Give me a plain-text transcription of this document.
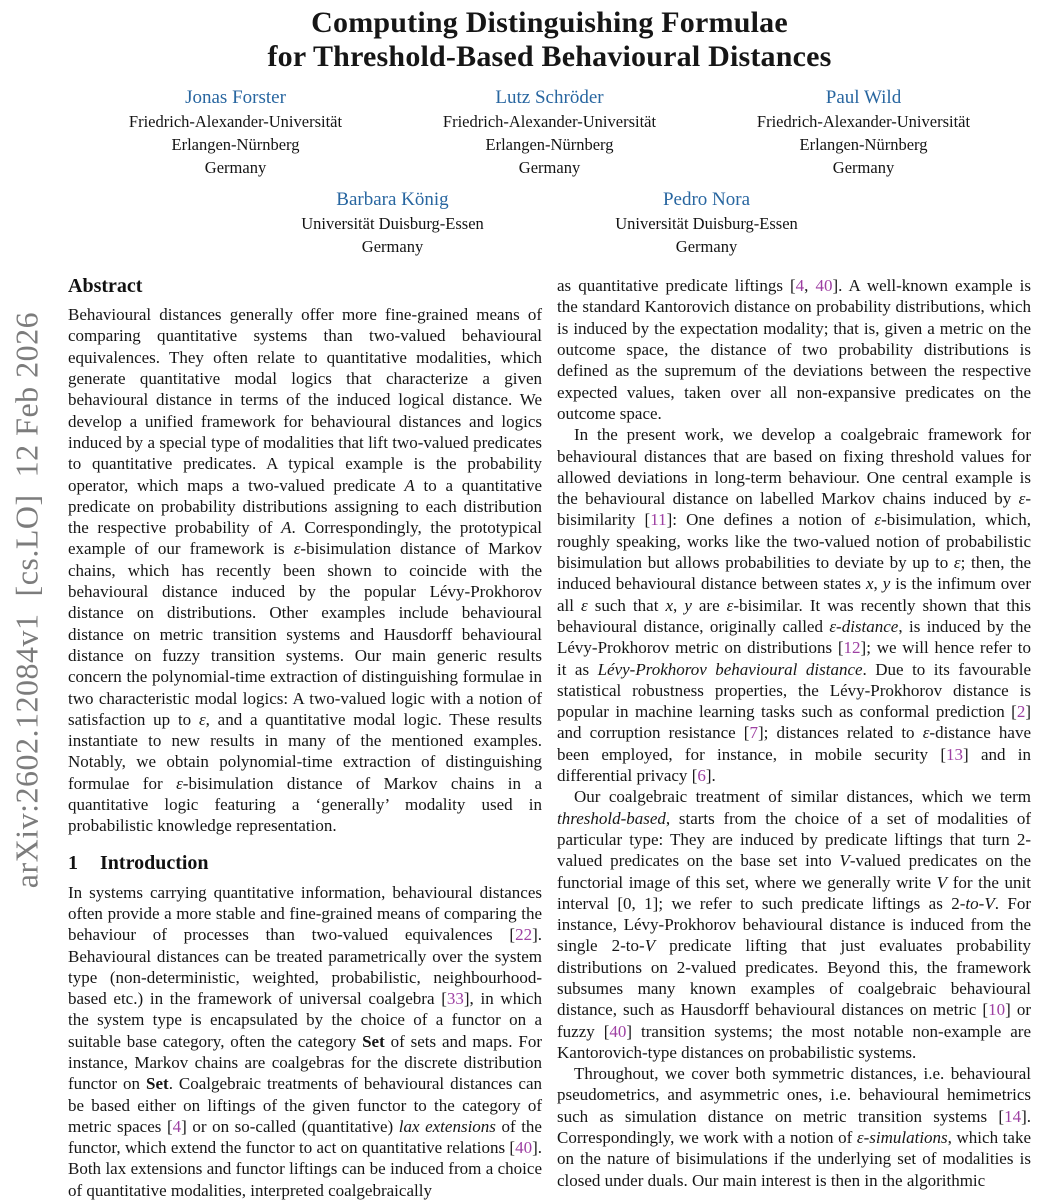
arXiv:2602.12084v1  [cs.LO]  12 Feb 2026
Computing Distinguishing Formulae
for Threshold-Based Behavioural Distances
Jonas Forster
Friedrich-Alexander-Universität
Erlangen-Nürnberg
Germany
Lutz Schröder
Friedrich-Alexander-Universität
Erlangen-Nürnberg
Germany
Paul Wild
Friedrich-Alexander-Universität
Erlangen-Nürnberg
Germany
Barbara König
Universität Duisburg-Essen
Germany
Pedro Nora
Universität Duisburg-Essen
Germany
Abstract

Behavioural distances generally offer more fine-grained means of comparing quantitative systems than two-valued behavioural equivalences. They often relate to quantitative modalities, which generate quantitative modal logics that characterize a given behavioural distance in terms of the induced logical distance. We develop a unified framework for behavioural distances and logics induced by a special type of modalities that lift two-valued predicates to quantitative predicates. A typical example is the probability operator, which maps a two-valued predicate A to a quantitative predicate on probability distributions assigning to each distribution the respective probability of A. Correspondingly, the prototypical example of our framework is ε-bisimulation distance of Markov chains, which has recently been shown to coincide with the behavioural distance induced by the popular Lévy-Prokhorov distance on distributions. Other examples include behavioural distance on metric transition systems and Hausdorff behavioural distance on fuzzy transition systems. Our main generic results concern the polynomial-time extraction of distinguishing formulae in two characteristic modal logics: A two-valued logic with a notion of satisfaction up to ε, and a quantitative modal logic. These results instantiate to new results in many of the mentioned examples. Notably, we obtain polynomial-time extraction of distinguishing formulae for ε-bisimulation distance of Markov chains in a quantitative logic featuring a ‘generally’ modality used in probabilistic knowledge representation.

1 Introduction

In systems carrying quantitative information, behavioural distances often provide a more stable and fine-grained means of comparing the behaviour of processes than two-valued equivalences [22]. Behavioural distances can be treated parametrically over the system type (non-deterministic, weighted, probabilistic, neighbourhood-based etc.) in the framework of universal coalgebra [33], in which the system type is encapsulated by the choice of a functor on a suitable base category, often the category Set of sets and maps. For instance, Markov chains are coalgebras for the discrete distribution functor on Set. Coalgebraic treatments of behavioural distances can be based either on liftings of the given functor to the category of metric spaces [4] or on so-called (quantitative) lax extensions of the functor, which extend the functor to act on quantitative relations [40]. Both lax extensions and functor liftings can be induced from a choice of quantitative modalities, interpreted coalgebraically

as quantitative predicate liftings [4, 40]. A well-known example is the standard Kantorovich distance on probability distributions, which is induced by the expectation modality; that is, given a metric on the outcome space, the distance of two probability distributions is defined as the supremum of the deviations between the respective expected values, taken over all non-expansive predicates on the outcome space.

In the present work, we develop a coalgebraic framework for behavioural distances that are based on fixing threshold values for allowed deviations in long-term behaviour. One central example is the behavioural distance on labelled Markov chains induced by ε-bisimilarity [11]: One defines a notion of ε-bisimulation, which, roughly speaking, works like the two-valued notion of probabilistic bisimulation but allows probabilities to deviate by up to ε; then, the induced behavioural distance between states x, y is the infimum over all ε such that x, y are ε-bisimilar. It was recently shown that this behavioural distance, originally called ε-distance, is induced by the Lévy-Prokhorov metric on distributions [12]; we will hence refer to it as Lévy-Prokhorov behavioural distance. Due to its favourable statistical robustness properties, the Lévy-Prokhorov distance is popular in machine learning tasks such as conformal prediction [2] and corruption resistance [7]; distances related to ε-distance have been employed, for instance, in mobile security [13] and in differential privacy [6].

Our coalgebraic treatment of similar distances, which we term threshold-based, starts from the choice of a set of modalities of particular type: They are induced by predicate liftings that turn 2-valued predicates on the base set into V-valued predicates on the functorial image of this set, where we generally write V for the unit interval [0, 1]; we refer to such predicate liftings as 2-to-V. For instance, Lévy-Prokhorov behavioural distance is induced from the single 2-to-V predicate lifting that just evaluates probability distributions on 2-valued predicates. Beyond this, the framework subsumes many known examples of coalgebraic behavioural distance, such as Hausdorff behavioural distances on metric [10] or fuzzy [40] transition systems; the most notable non-example are Kantorovich-type distances on probabilistic systems.

Throughout, we cover both symmetric distances, i.e. behavioural pseudometrics, and asymmetric ones, i.e. behavioural hemimetrics such as simulation distance on metric transition systems [14]. Correspondingly, we work with a notion of ε-simulations, which take on the nature of bisimulations if the underlying set of modalities is closed under duals. Our main interest is then in the algorithmic
